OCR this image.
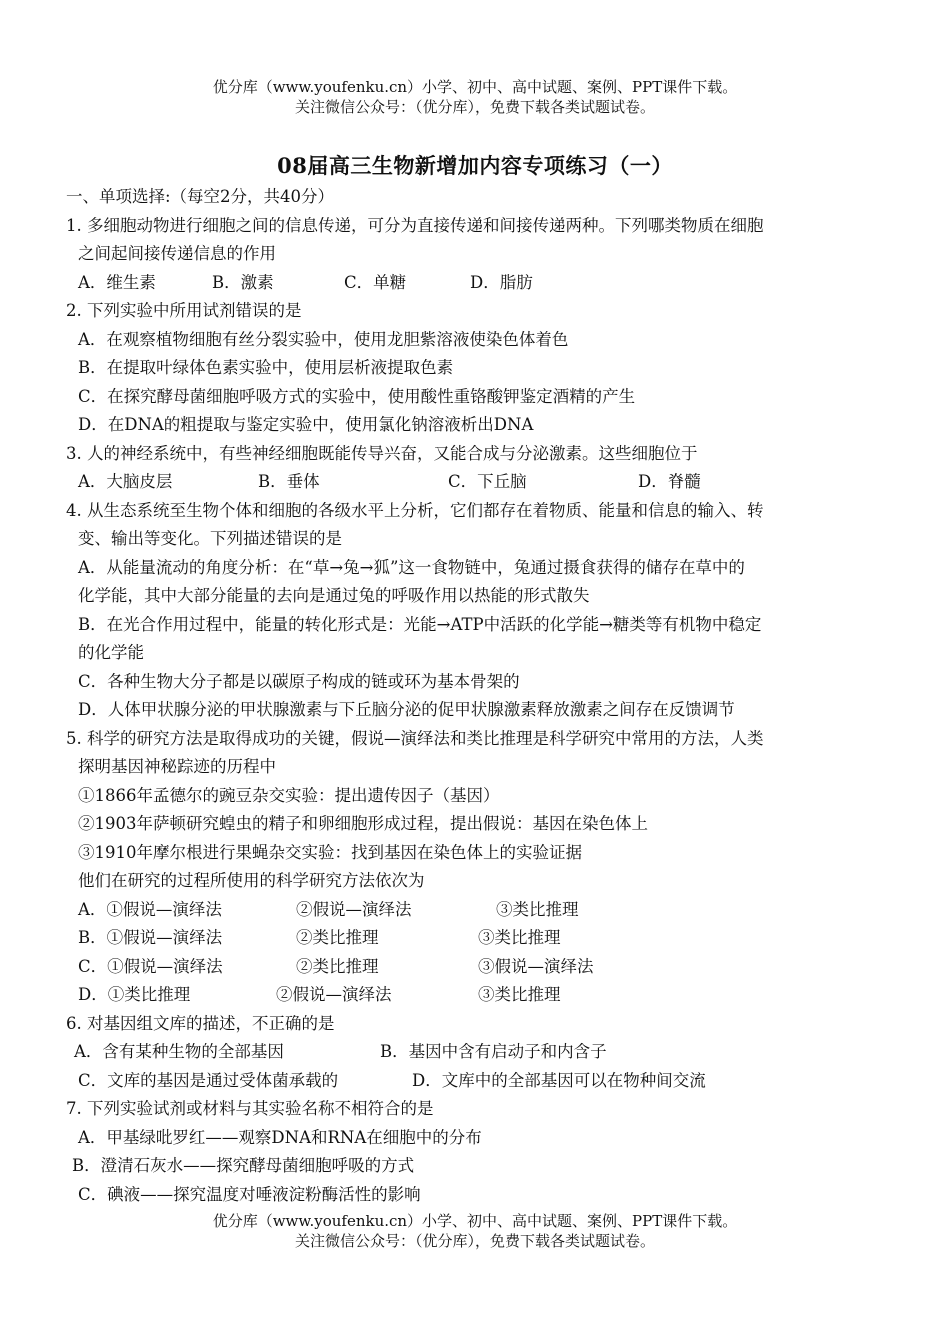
优分库（www.youfenku.cn）小学、初中、高中试题、案例、PPT课件下载。
关注微信公众号：（优分库），免费下载各类试题试卷。
08届高三生物新增加内容专项练习（一）
一、单项选择:（每空2分，共40分）
1. 多细胞动物进行细胞之间的信息传递，可分为直接传递和间接传递两种。下列哪类物质在细胞
之间起间接传递信息的作用
A．维生素	B．激素	C．单糖	D．脂肪
2. 下列实验中所用试剂错误的是
A．在观察植物细胞有丝分裂实验中，使用龙胆紫溶液使染色体着色
B．在提取叶绿体色素实验中，使用层析液提取色素
C．在探究酵母菌细胞呼吸方式的实验中，使用酸性重铬酸钾鉴定酒精的产生
D．在DNA的粗提取与鉴定实验中，使用氯化钠溶液析出DNA
3. 人的神经系统中，有些神经细胞既能传导兴奋，又能合成与分泌激素。这些细胞位于
A．大脑皮层	B．垂体	C．下丘脑	D．脊髓
4. 从生态系统至生物个体和细胞的各级水平上分析，它们都存在着物质、能量和信息的输入、转
变、输出等变化。下列描述错误的是
A．从能量流动的角度分析：在“草→兔→狐”这一食物链中，兔通过摄食获得的储存在草中的
化学能，其中大部分能量的去向是通过兔的呼吸作用以热能的形式散失
B．在光合作用过程中，能量的转化形式是：光能→ATP中活跃的化学能→糖类等有机物中稳定
的化学能
C．各种生物大分子都是以碳原子构成的链或环为基本骨架的
D．人体甲状腺分泌的甲状腺激素与下丘脑分泌的促甲状腺激素释放激素之间存在反馈调节
5. 科学的研究方法是取得成功的关键，假说—演绎法和类比推理是科学研究中常用的方法，人类
探明基因神秘踪迹的历程中
①1866年孟德尔的豌豆杂交实验：提出遗传因子（基因）
②1903年萨顿研究蝗虫的精子和卵细胞形成过程，提出假说：基因在染色体上
③1910年摩尔根进行果蝇杂交实验：找到基因在染色体上的实验证据
他们在研究的过程所使用的科学研究方法依次为
A．①假说—演绎法	②假说—演绎法	③类比推理
B．①假说—演绎法	②类比推理	③类比推理
C．①假说—演绎法	②类比推理	③假说—演绎法
D．①类比推理	②假说—演绎法	③类比推理
6. 对基因组文库的描述，不正确的是
A．含有某种生物的全部基因	B．基因中含有启动子和内含子
C．文库的基因是通过受体菌承载的	D．文库中的全部基因可以在物种间交流
7. 下列实验试剂或材料与其实验名称不相符合的是
A．甲基绿吡罗红——观察DNA和RNA在细胞中的分布
B．澄清石灰水——探究酵母菌细胞呼吸的方式
C．碘液——探究温度对唾液淀粉酶活性的影响
优分库（www.youfenku.cn）小学、初中、高中试题、案例、PPT课件下载。
关注微信公众号：（优分库），免费下载各类试题试卷。
